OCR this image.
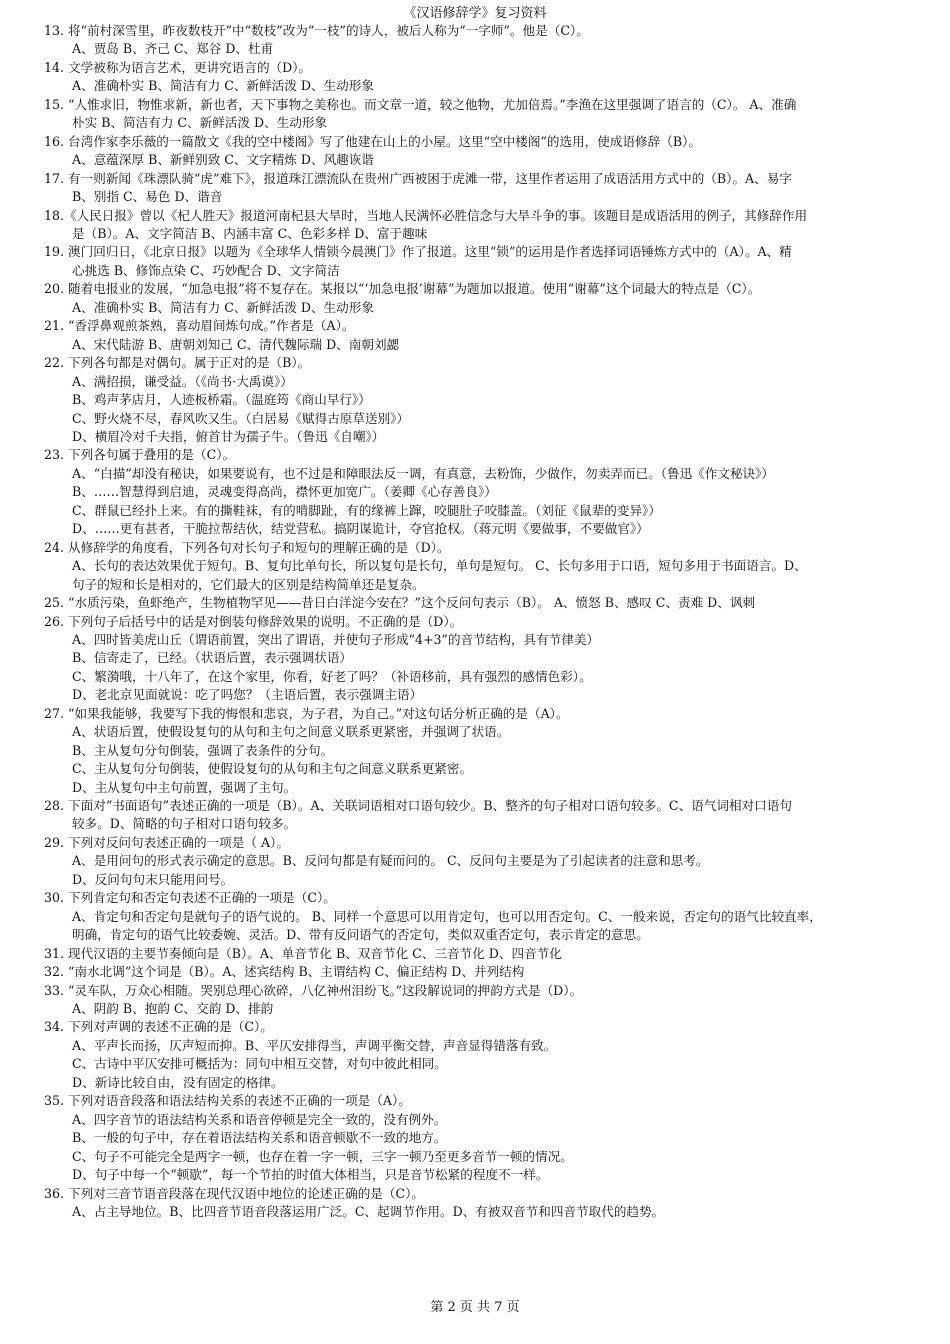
《汉语修辞学》复习资料
13. 将“前村深雪里，昨夜数枝开”中“数枝”改为“一枝”的诗人，被后人称为“一字师”。他是（C）。
A、贾岛 B、齐己 C、郑谷 D、杜甫
14. 文学被称为语言艺术，更讲究语言的（D）。
A、准确朴实 B、简洁有力 C、新鲜活泼 D、生动形象
15. “人惟求旧，物惟求新，新也者，天下事物之美称也。而文章一道，较之他物，尤加倍焉。”李渔在这里强调了语言的（C）。 A、准确
朴实 B、简洁有力 C、新鲜活泼 D、生动形象
16. 台湾作家李乐薇的一篇散文《我的空中楼阁》写了他建在山上的小屋。这里“空中楼阁”的选用，使成语修辞（B）。
A、意蕴深厚 B、新鲜别致 C、文字精炼 D、风趣诙谐
17. 有一则新闻《珠漂队骑“虎”难下》，报道珠江漂流队在贵州广西被困于虎滩一带，这里作者运用了成语活用方式中的（B）。A、易字
B、别指 C、易色 D、谐音
18.《人民日报》曾以《杞人胜天》报道河南杞县大旱时，当地人民满怀必胜信念与大旱斗争的事。该题目是成语活用的例子，其修辞作用
是（B）。A、文字简洁 B、内涵丰富 C、色彩多样 D、富于趣味
19. 澳门回归日，《北京日报》以题为《全球华人情锁今晨澳门》作了报道。这里“锁”的运用是作者选择词语锤炼方式中的（A）。A、精
心挑选 B、修饰点染 C、巧妙配合 D、文字简洁
20. 随着电报业的发展，“加急电报”将不复存在。某报以“‘加急电报’谢幕”为题加以报道。使用“谢幕”这个词最大的特点是（C）。
A、准确朴实 B、简洁有力 C、新鲜活泼 D、生动形象
21. “香浮鼻观煎茶熟，喜动眉间炼句成。”作者是（A）。
A、宋代陆游 B、唐朝刘知己 C、清代魏际瑞 D、南朝刘勰
22. 下列各句都是对偶句。属于正对的是（B）。
A、满招损，谦受益。（《尚书·大禹谟》）
B、鸡声茅店月，人迹板桥霜。（温庭筠《商山早行》）
C、野火烧不尽，春风吹又生。（白居易《赋得古原草送别》）
D、横眉冷对千夫指，俯首甘为孺子牛。（鲁迅《自嘲》）
23. 下列各句属于叠用的是（C）。
A、“白描”却没有秘诀，如果要说有，也不过是和障眼法反一调，有真意，去粉饰，少做作，勿卖弄而已。（鲁迅《作文秘诀》）
B、……智慧得到启迪，灵魂变得高尚，襟怀更加宽广。（姜卿《心存善良》）
C、群鼠已经扑上来。有的撕鞋袜，有的啃脚趾，有的缘裤上蹿，咬腿肚子咬膝盖。（刘征《鼠辈的变异》）
D、……更有甚者，干脆拉帮结伙，结党营私。搞阴谋诡计，夺官抢权。（蒋元明《要做事，不要做官》）
24. 从修辞学的角度看，下列各句对长句子和短句的理解正确的是（D）。
A、长句的表达效果优于短句。B、复句比单句长，所以复句是长句，单句是短句。 C、长句多用于口语，短句多用于书面语言。D、
句子的短和长是相对的，它们最大的区别是结构简单还是复杂。
25. “水质污染，鱼虾绝产，生物植物罕见——昔日白洋淀今安在？”这个反问句表示（B）。 A、愤怒 B、感叹 C、责难 D、讽刺
26. 下列句子后括号中的话是对倒装句修辞效果的说明。不正确的是（D）。
A、四时皆美虎山丘（谓语前置，突出了谓语，并使句子形成“4+3”的音节结构，具有节律美）
B、信寄走了，已经。（状语后置，表示强调状语）
C、繁漪哦，十八年了，在这个家里，你看，好老了吗？（补语移前，具有强烈的感情色彩）。
D、老北京见面就说：吃了吗您？（主语后置，表示强调主语）
27. “如果我能够，我要写下我的悔恨和悲哀，为子君，为自己。”对这句话分析正确的是（A）。
A、状语后置，使假设复句的从句和主句之间意义联系更紧密，并强调了状语。
B、主从复句分句倒装，强调了表条件的分句。
C、主从复句分句倒装，使假设复句的从句和主句之间意义联系更紧密。
D、主从复句中主句前置，强调了主句。
28. 下面对“书面语句”表述正确的一项是（B）。A、关联词语相对口语句较少。B、整齐的句子相对口语句较多。C、语气词相对口语句
较多。D、简略的句子相对口语句较多。
29. 下列对反问句表述正确的一项是（ A）。
A、是用问句的形式表示确定的意思。B、反问句都是有疑而问的。 C、反问句主要是为了引起读者的注意和思考。
D、反问句句末只能用问号。
30. 下列肯定句和否定句表述不正确的一项是（C）。
A、肯定句和否定句是就句子的语气说的。 B、同样一个意思可以用肯定句，也可以用否定句。C、一般来说，否定句的语气比较直率，
明确，肯定句的语气比较委婉、灵活。D、带有反问语气的否定句，类似双重否定句，表示肯定的意思。
31. 现代汉语的主要节奏倾向是（B）。A、单音节化 B、双音节化 C、三音节化 D、四音节化
32. “南水北调”这个词是（B）。A、述宾结构 B、主谓结构 C、偏正结构 D、并列结构
33. “灵车队，万众心相随。哭别总理心欲碎，八亿神州泪纷飞。”这段解说词的押韵方式是（D）。
A、阴韵 B、抱韵 C、交韵 D、排韵
34. 下列对声调的表述不正确的是（C）。
A、平声长而扬，仄声短而抑。B、平仄安排得当，声调平衡交替，声音显得错落有致。
C、古诗中平仄安排可概括为：同句中相互交替，对句中彼此相同。
D、新诗比较自由，没有固定的格律。
35. 下列对语音段落和语法结构关系的表述不正确的一项是（A）。
A、四字音节的语法结构关系和语音停顿是完全一致的，没有例外。
B、一般的句子中，存在着语法结构关系和语音顿歇不一致的地方。
C、句子不可能完全是两字一顿，也存在着一字一顿，三字一顿乃至更多音节一顿的情况。
D、句子中每一个“顿歇”，每一个节拍的时值大体相当，只是音节松紧的程度不一样。
36. 下列对三音节语音段落在现代汉语中地位的论述正确的是（C）。
A、占主导地位。B、比四音节语音段落运用广泛。C、起调节作用。D、有被双音节和四音节取代的趋势。
第 2 页 共 7 页
